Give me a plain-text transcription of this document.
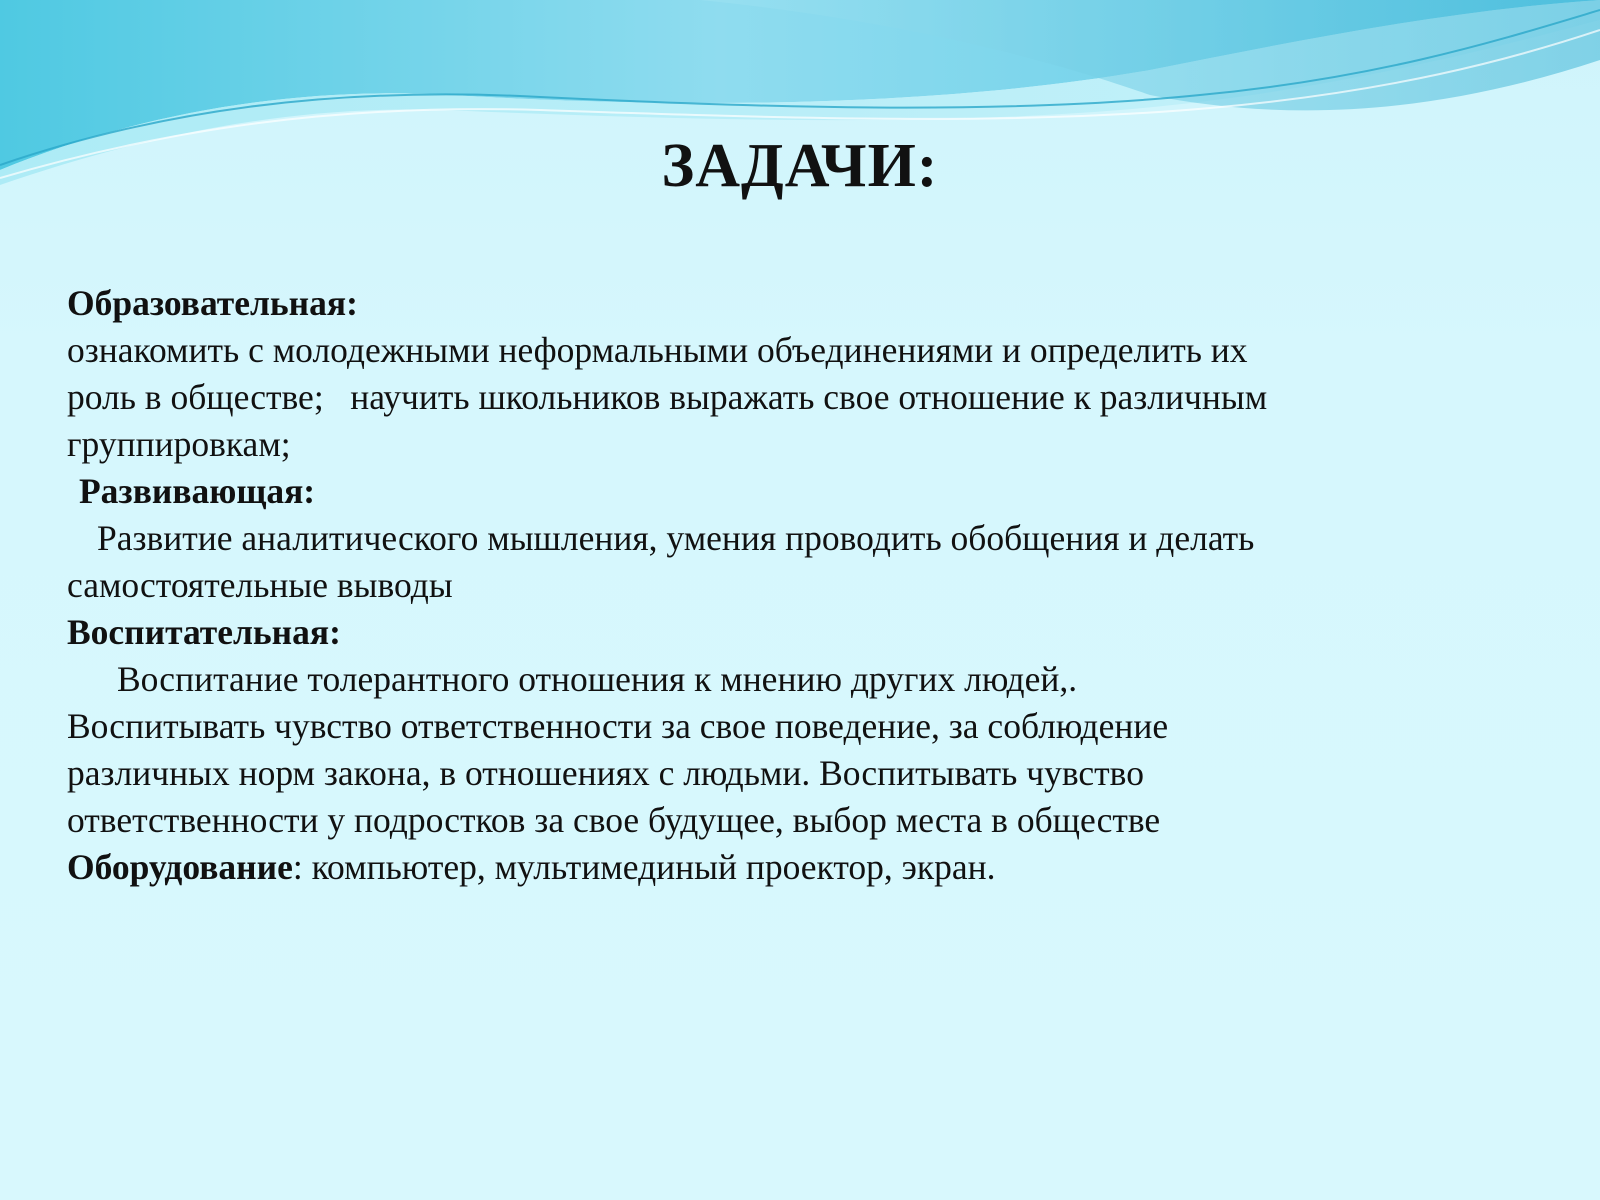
ЗАДАЧИ:
Образовательная:
ознакомить с молодежными неформальными объединениями и определить их
роль в обществе;   научить школьников выражать свое отношение к различным
группировкам;
Развивающая:
Развитие аналитического мышления, умения проводить обобщения и делать
самостоятельные выводы
Воспитательная:
Воспитание толерантного отношения к мнению других людей,.
Воспитывать чувство ответственности за свое поведение, за соблюдение
различных норм закона, в отношениях с людьми. Воспитывать чувство
ответственности у подростков за свое будущее, выбор места в обществе
Оборудование: компьютер, мультимединый проектор, экран.
